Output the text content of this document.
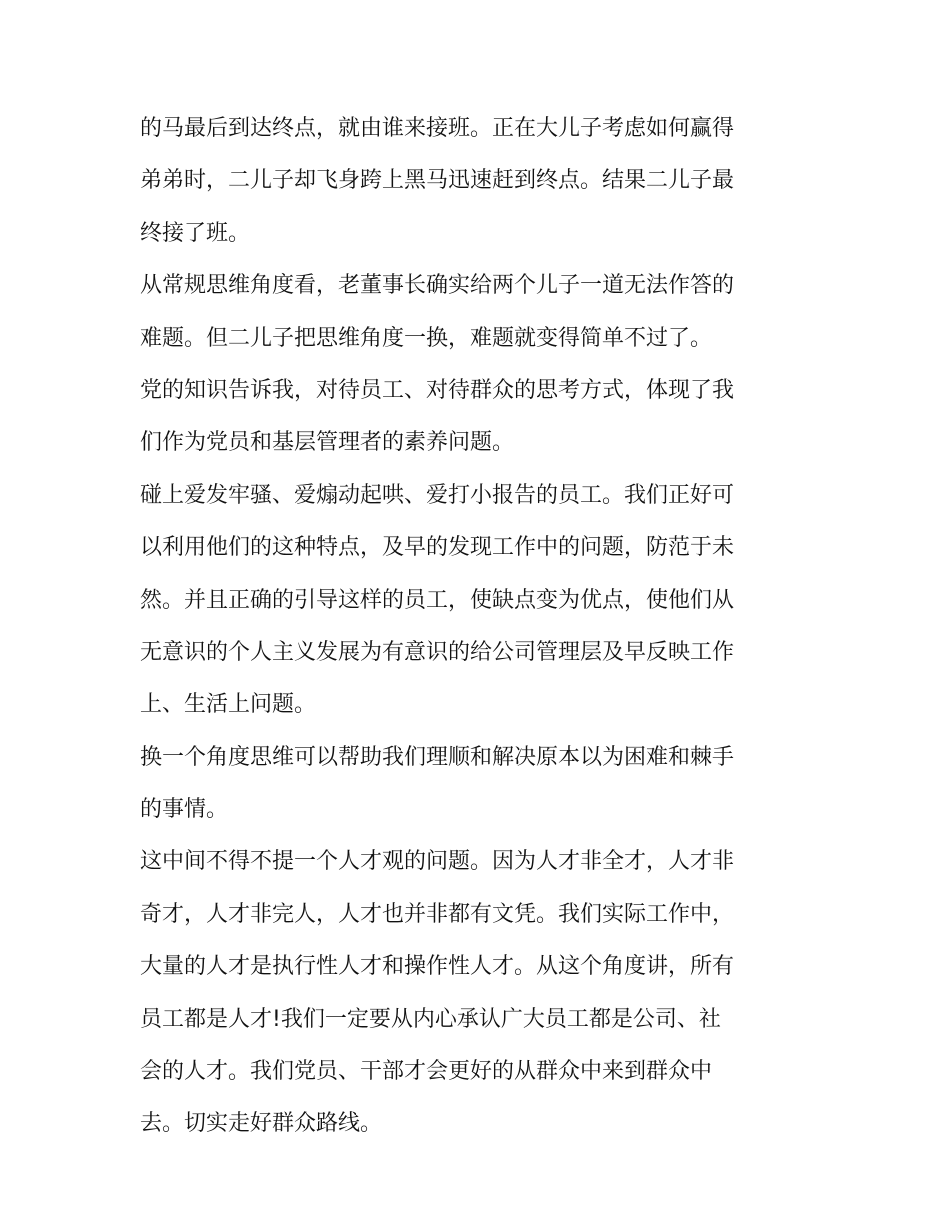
的马最后到达终点，就由谁来接班。正在大儿子考虑如何赢得
弟弟时，二儿子却飞身跨上黑马迅速赶到终点。结果二儿子最
终接了班。
从常规思维角度看，老董事长确实给两个儿子一道无法作答的
难题。但二儿子把思维角度一换，难题就变得简单不过了。
党的知识告诉我，对待员工、对待群众的思考方式，体现了我
们作为党员和基层管理者的素养问题。
碰上爱发牢骚、爱煽动起哄、爱打小报告的员工。我们正好可
以利用他们的这种特点，及早的发现工作中的问题，防范于未
然。并且正确的引导这样的员工，使缺点变为优点，使他们从
无意识的个人主义发展为有意识的给公司管理层及早反映工作
上、生活上问题。
换一个角度思维可以帮助我们理顺和解决原本以为困难和棘手
的事情。
这中间不得不提一个人才观的问题。因为人才非全才，人才非
奇才，人才非完人，人才也并非都有文凭。我们实际工作中，
大量的人才是执行性人才和操作性人才。从这个角度讲，所有
员工都是人才!我们一定要从内心承认广大员工都是公司、社
会的人才。我们党员、干部才会更好的从群众中来到群众中
去。切实走好群众路线。
